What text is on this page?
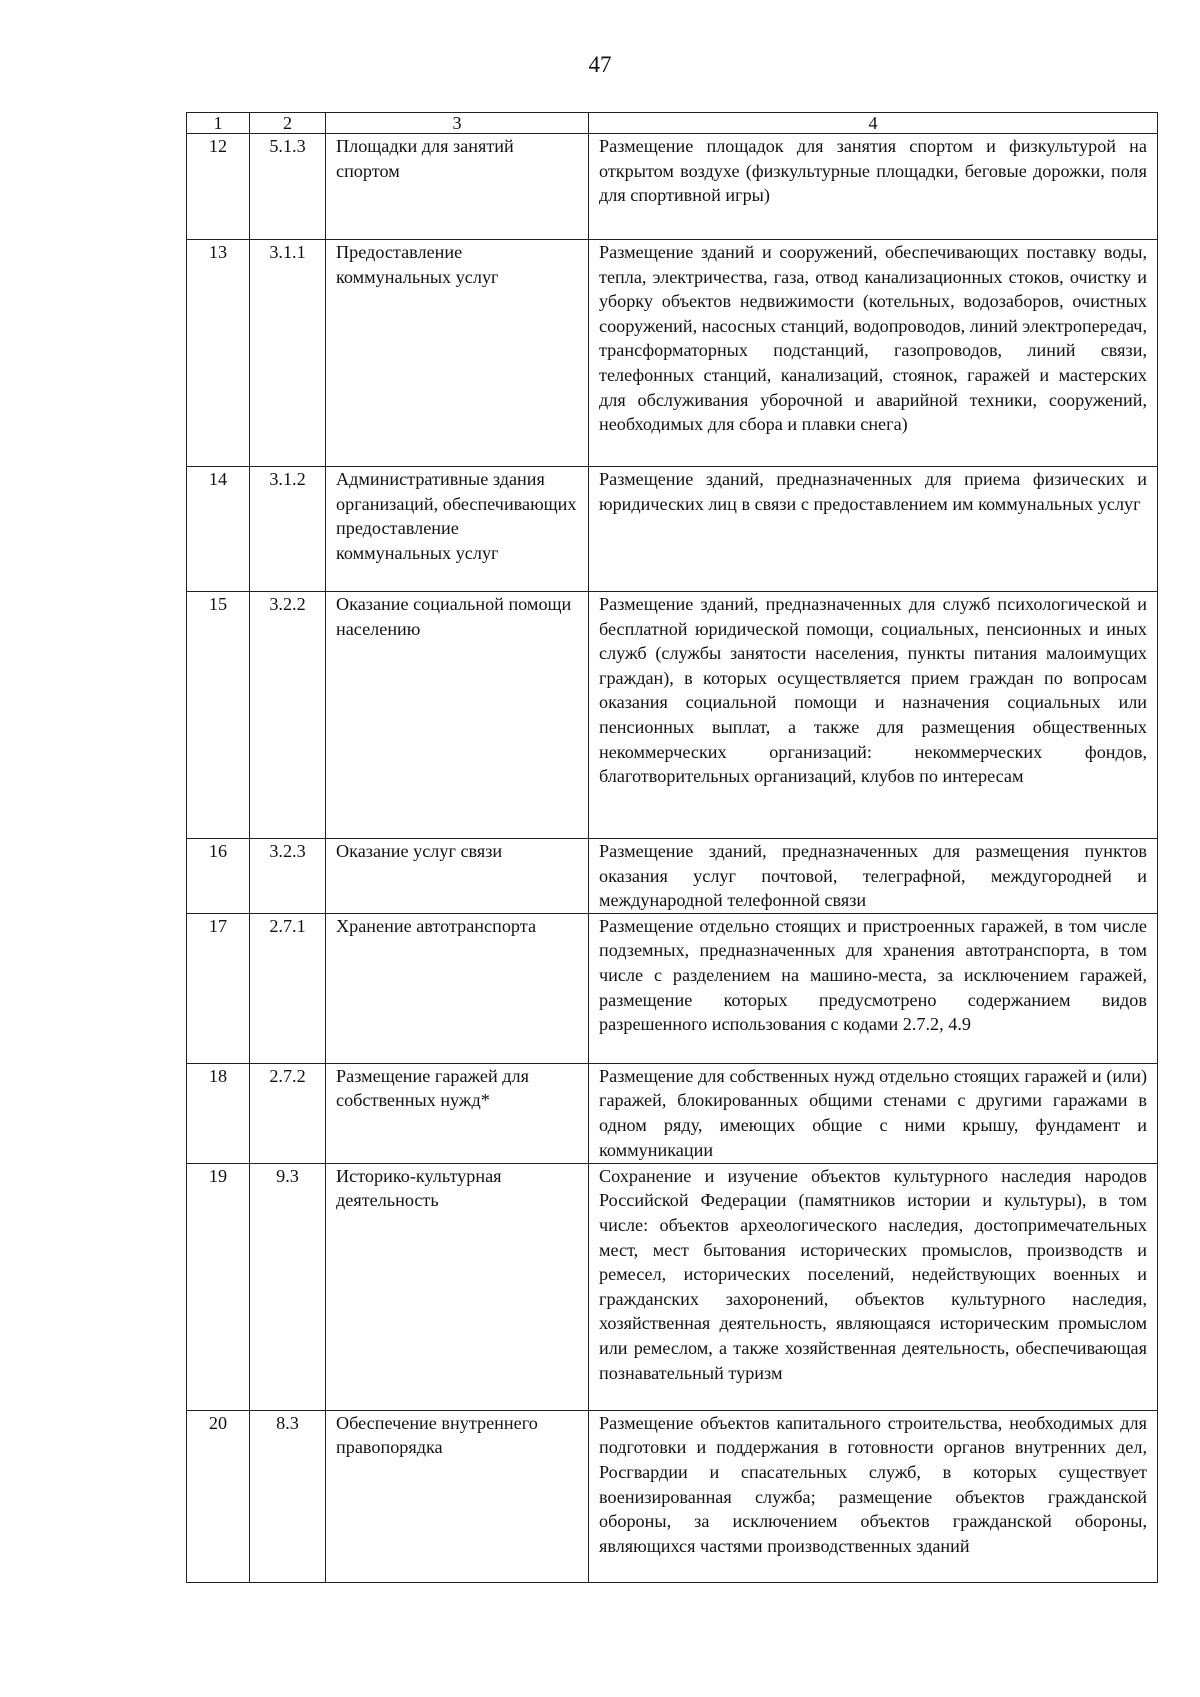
47
1	2	3	4
12	5.1.3	Площадки для занятий спортом	Размещение площадок для занятия спортом и физкультурой на открытом воздухе (физкультурные площадки, беговые дорожки, поля для спортивной игры)
13	3.1.1	Предоставление коммунальных услуг	Размещение зданий и сооружений, обеспечивающих поставку воды, тепла, электричества, газа, отвод канализационных стоков, очистку и уборку объектов недвижимости (котельных, водозаборов, очистных сооружений, насосных станций, водопроводов, линий электропередач, трансформаторных подстанций, газопроводов, линий связи, телефонных станций, канализаций, стоянок, гаражей и мастерских для обслуживания уборочной и аварийной техники, сооружений, необходимых для сбора и плавки снега)
14	3.1.2	Административные здания организаций, обеспечивающих предоставление коммунальных услуг	Размещение зданий, предназначенных для приема физических и юридических лиц в связи с предоставлением им коммунальных услуг
15	3.2.2	Оказание социальной помощи населению	Размещение зданий, предназначенных для служб психологической и бесплатной юридической помощи, социальных, пенсионных и иных служб (службы занятости населения, пункты питания малоимущих граждан), в которых осуществляется прием граждан по вопросам оказания социальной помощи и назначения социальных или пенсионных выплат, а также для размещения общественных некоммерческих организаций: некоммерческих фондов, благотворительных организаций, клубов по интересам
16	3.2.3	Оказание услуг связи	Размещение зданий, предназначенных для размещения пунктов оказания услуг почтовой, телеграфной, междугородней и международной телефонной связи
17	2.7.1	Хранение автотранспорта	Размещение отдельно стоящих и пристроенных гаражей, в том числе подземных, предназначенных для хранения автотранспорта, в том числе с разделением на машино-места, за исключением гаражей, размещение которых предусмотрено содержанием видов разрешенного использования с кодами 2.7.2, 4.9
18	2.7.2	Размещение гаражей для собственных нужд*	Размещение для собственных нужд отдельно стоящих гаражей и (или) гаражей, блокированных общими стенами с другими гаражами в одном ряду, имеющих общие с ними крышу, фундамент и коммуникации
19	9.3	Историко-культурная деятельность	Сохранение и изучение объектов культурного наследия народов Российской Федерации (памятников истории и культуры), в том числе: объектов археологического наследия, достопримечательных мест, мест бытования исторических промыслов, производств и ремесел, исторических поселений, недействующих военных и гражданских захоронений, объектов культурного наследия, хозяйственная деятельность, являющаяся историческим промыслом или ремеслом, а также хозяйственная деятельность, обеспечивающая познавательный туризм
20	8.3	Обеспечение внутреннего правопорядка	Размещение объектов капитального строительства, необходимых для подготовки и поддержания в готовности органов внутренних дел, Росгвардии и спасательных служб, в которых существует военизированная служба; размещение объектов гражданской обороны, за исключением объектов гражданской обороны, являющихся частями производственных зданий
